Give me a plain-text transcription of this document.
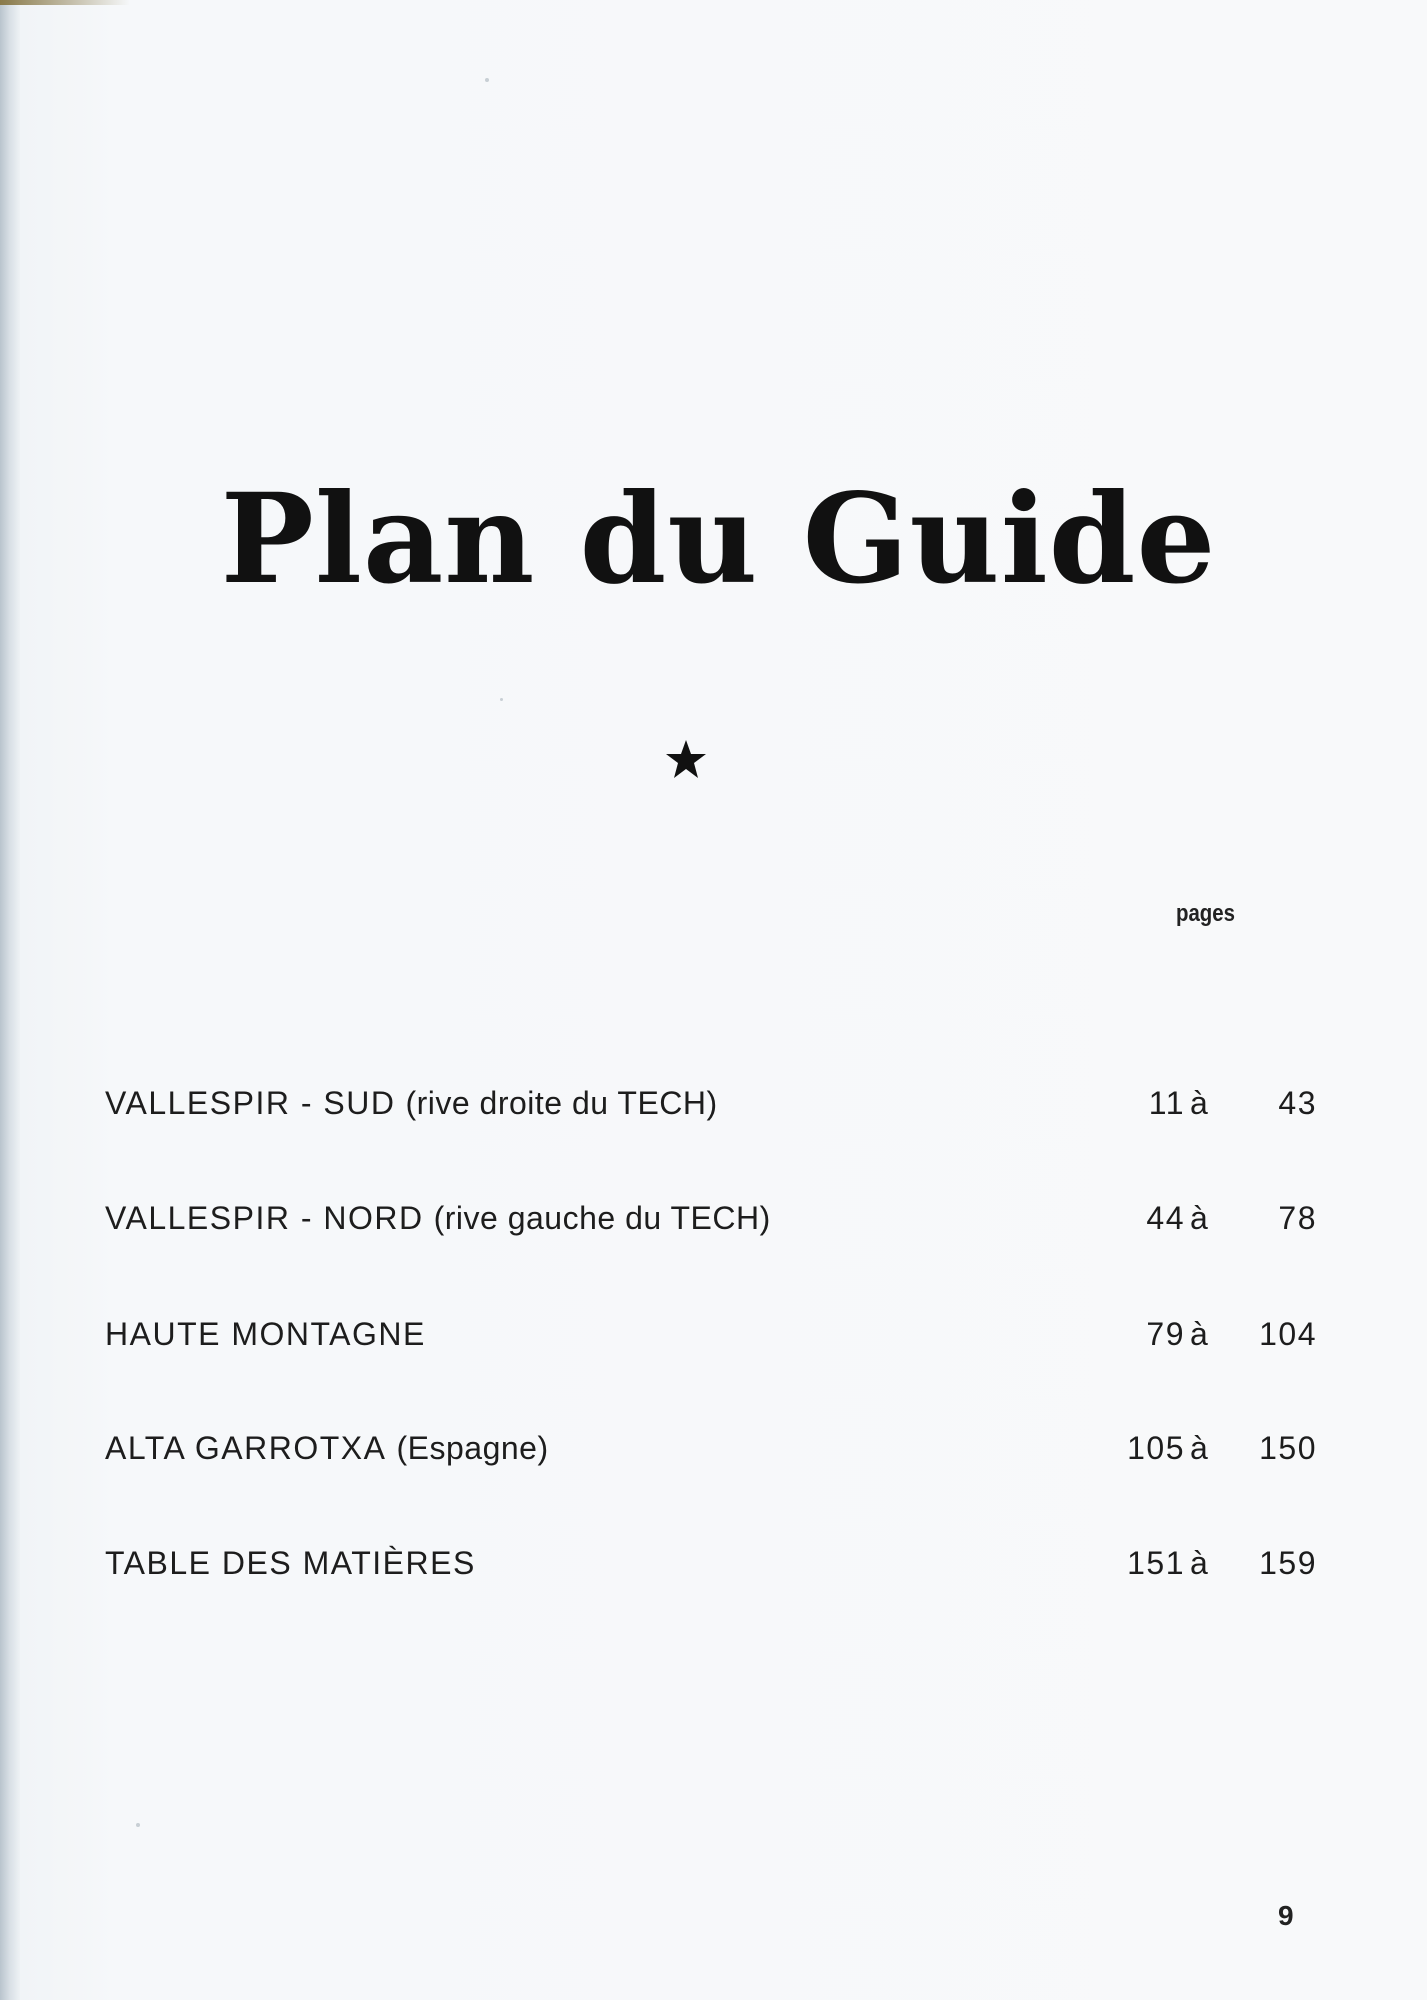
Plan du Guide
pages
VALLESPIR - SUD (rive droite du TECH)	11 à 43
VALLESPIR - NORD (rive gauche du TECH)	44 à 78
HAUTE MONTAGNE	79 à 104
ALTA GARROTXA (Espagne)	105 à 150
TABLE DES MATIÈRES	151 à 159
9
